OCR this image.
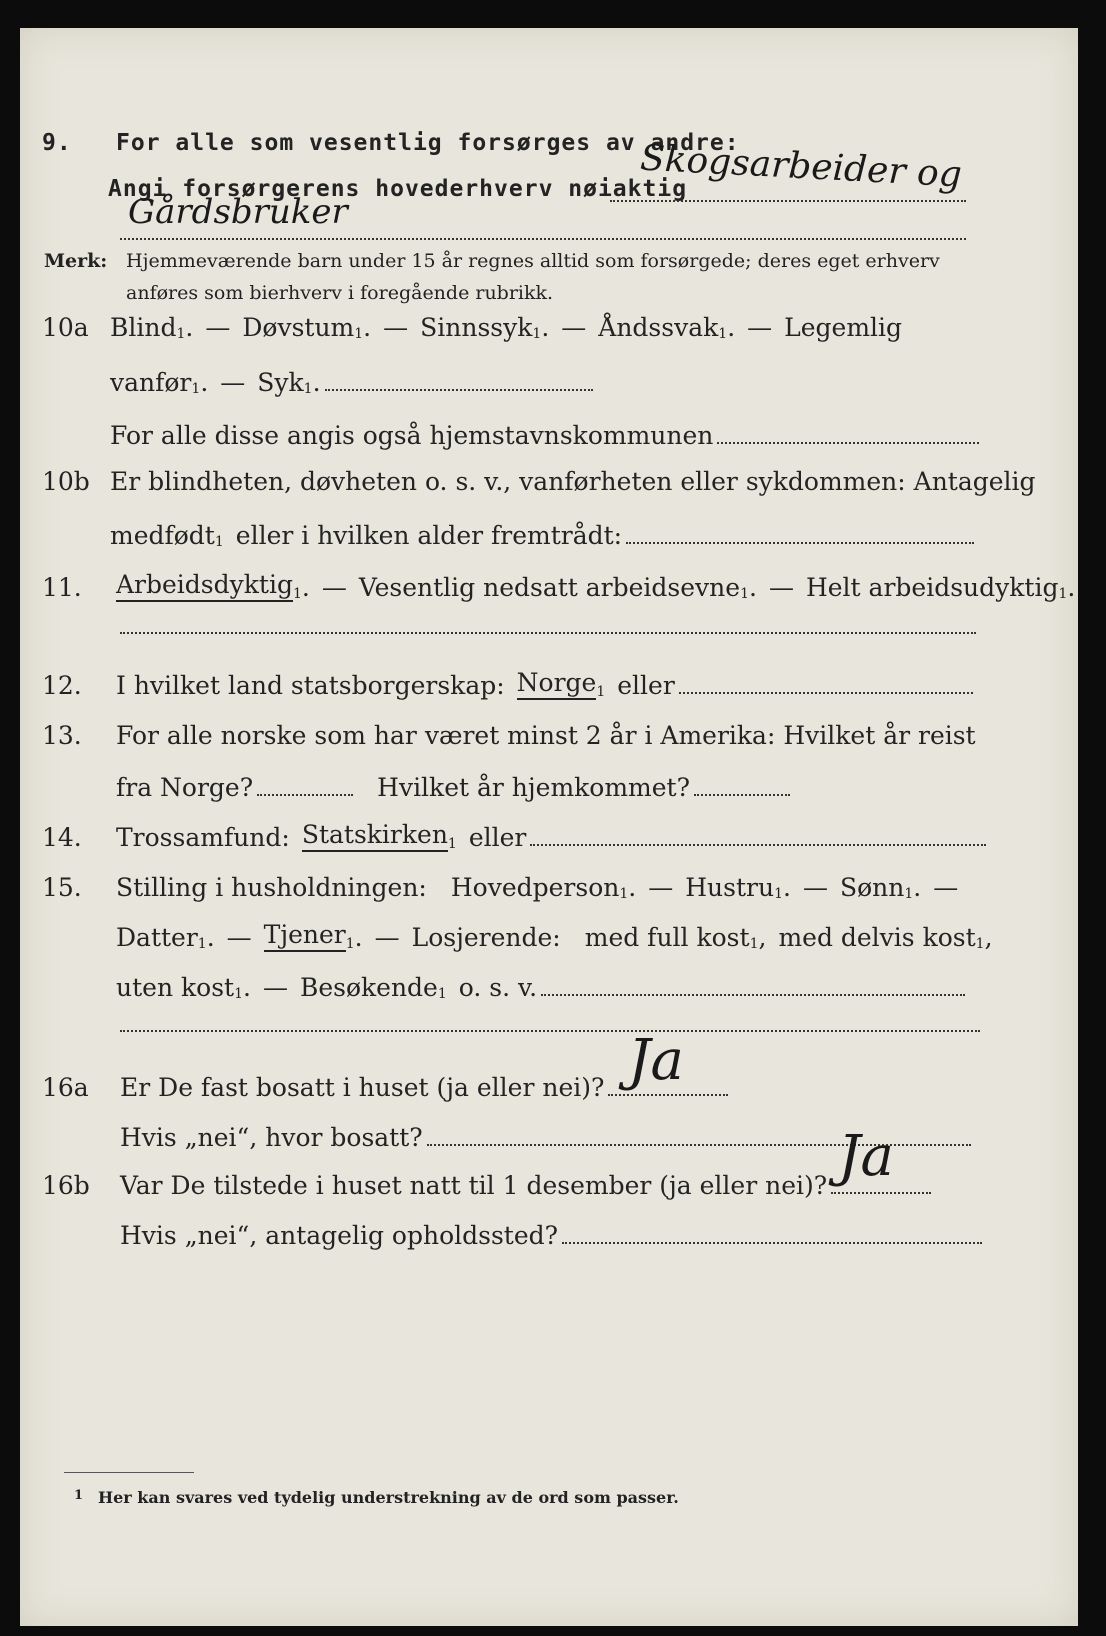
9.	For alle som vesentlig forsørges av andre:
Angi forsørgerens hovederhverv nøiaktig
Skogsarbeider og
Gårdsbruker
Merk: Hjemmeværende barn under 15 år regnes alltid som forsørgede; deres eget erhverv

anføres som bierhverv i foregående rubrikk.
10a Blind$_1$ . — Døvstum$_1$ . — Sinnssyk$_1$ . — Åndssvak$_1$ . — Legemlig
vanfør$_1$ . — Syk$_1$ .
For alle disse angis også hjemstavnskommunen
10b Er blindheten, døvheten o. s. v., vanførheten eller sykdommen: Antagelig
medfødt$_1$ eller i hvilken alder fremtrådt:
11.	Arbeidsdyktig$_1$ . — Vesentlig nedsatt arbeidsevne$_1$ . — Helt arbeidsudyktig$_1$ .
12.	I hvilket land statsborgerskap: Norge$_1$ eller
13.	For alle norske som har været minst 2 år i Amerika: Hvilket år reist
fra Norge?	Hvilket år hjemkommet?
14.	Trossamfund: Statskirken$_1$ eller
15.	Stilling i husholdningen: Hovedperson$_1$ . — Hustru$_1$ . — Sønn$_1$ . —
Datter$_1$ . — Tjener$_1$ . — Losjerende: med full kost$_1$ , med delvis kost$_1$ ,
uten kost$_1$ . — Besøkende$_1$ o. s. v.
16a	Er De fast bosatt i huset (ja eller nei)? Ja
Hvis „nei“, hvor bosatt?
16b	Var De tilstede i huset natt til 1 desember (ja eller nei)? Ja
Hvis „nei“, antagelig opholdssted?
1 Her kan svares ved tydelig understrekning av de ord som passer.
